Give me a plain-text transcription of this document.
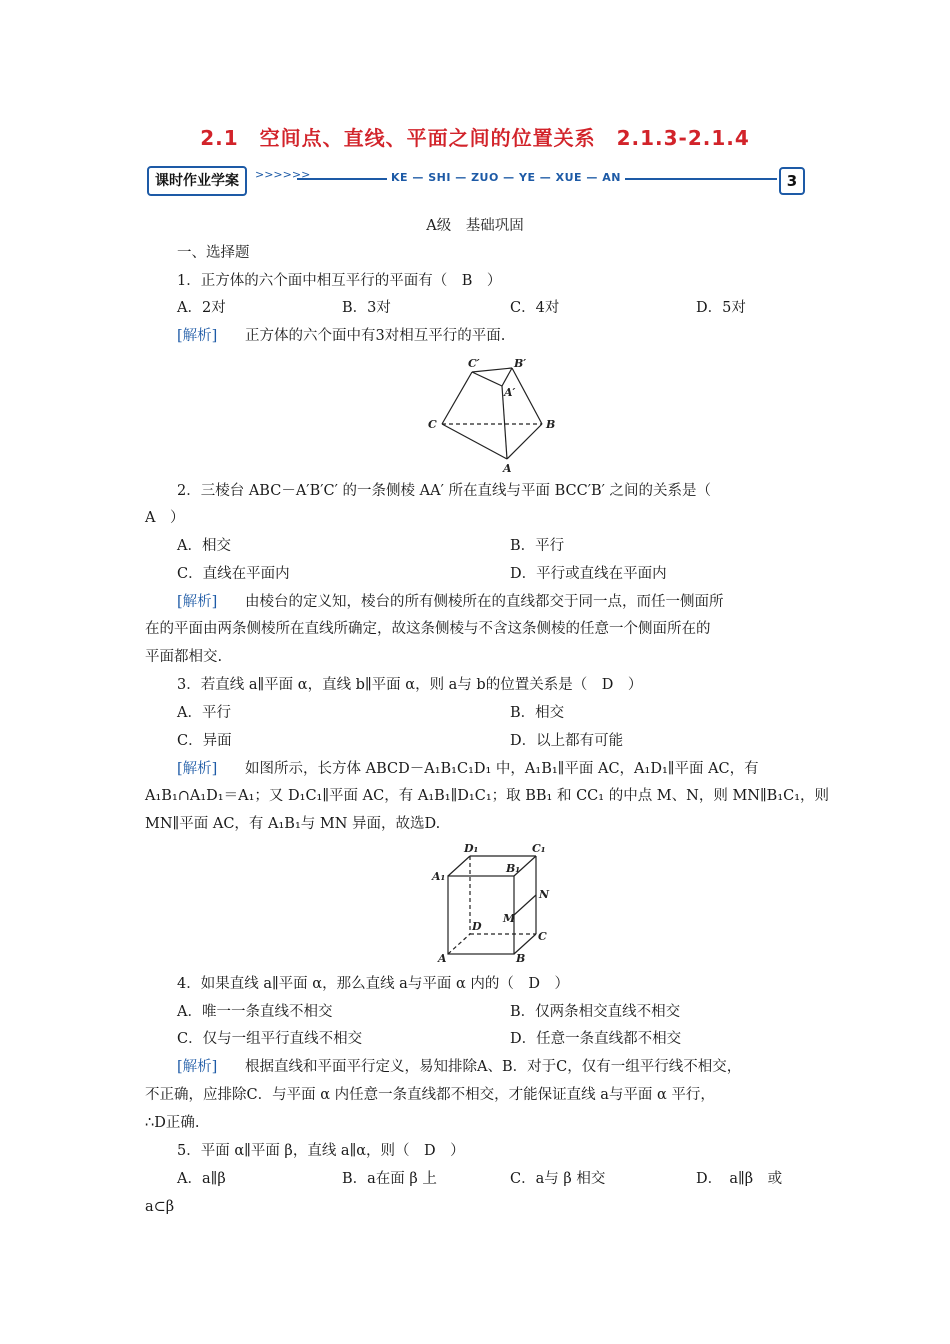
2.1　空间点、直线、平面之间的位置关系　2.1.3-2.1.4
课时作业学案	>>>>>>	KE — SHI — ZUO — YE — XUE — AN	3
A级　基础巩固
一、选择题
1．正方体的六个面中相互平行的平面有（　B　）
A．2对	B．3对	C．4对	D．5对
[解析] 正方体的六个面中有3对相互平行的平面.
C′	B′
A′
C	B
A
2．三棱台 ABC－A′B′C′ 的一条侧棱 AA′ 所在直线与平面 BCC′B′ 之间的关系是（
A　）
A．相交	B．平行
C．直线在平面内	D．平行或直线在平面内
[解析] 由棱台的定义知，棱台的所有侧棱所在的直线都交于同一点，而任一侧面所
在的平面由两条侧棱所在直线所确定，故这条侧棱与不含这条侧棱的任意一个侧面所在的
平面都相交.
3．若直线 a∥平面 α，直线 b∥平面 α，则 a与 b的位置关系是（　D　）
A．平行	B．相交
C．异面	D．以上都有可能
[解析] 如图所示，长方体 ABCD－A₁B₁C₁D₁ 中，A₁B₁∥平面 AC，A₁D₁∥平面 AC，有
A₁B₁∩A₁D₁＝A₁；又 D₁C₁∥平面 AC，有 A₁B₁∥D₁C₁；取 BB₁ 和 CC₁ 的中点 M、N，则 MN∥B₁C₁，则
MN∥平面 AC，有 A₁B₁与 MN 异面，故选D.
D₁	C₁
A₁
B₁
N
M
D
C
A	B
4．如果直线 a∥平面 α，那么直线 a与平面 α 内的（　D　）
A．唯一一条直线不相交	B．仅两条相交直线不相交
C．仅与一组平行直线不相交	D．任意一条直线都不相交
[解析] 根据直线和平面平行定义，易知排除A、B．对于C，仅有一组平行线不相交，
不正确，应排除C．与平面 α 内任意一条直线都不相交，才能保证直线 a与平面 α 平行，
∴D正确.
5．平面 α∥平面 β，直线 a∥α，则（　D　）
A．a∥β	B．a在面 β 上	C．a与 β 相交	D．　a∥β　或
a⊂β
